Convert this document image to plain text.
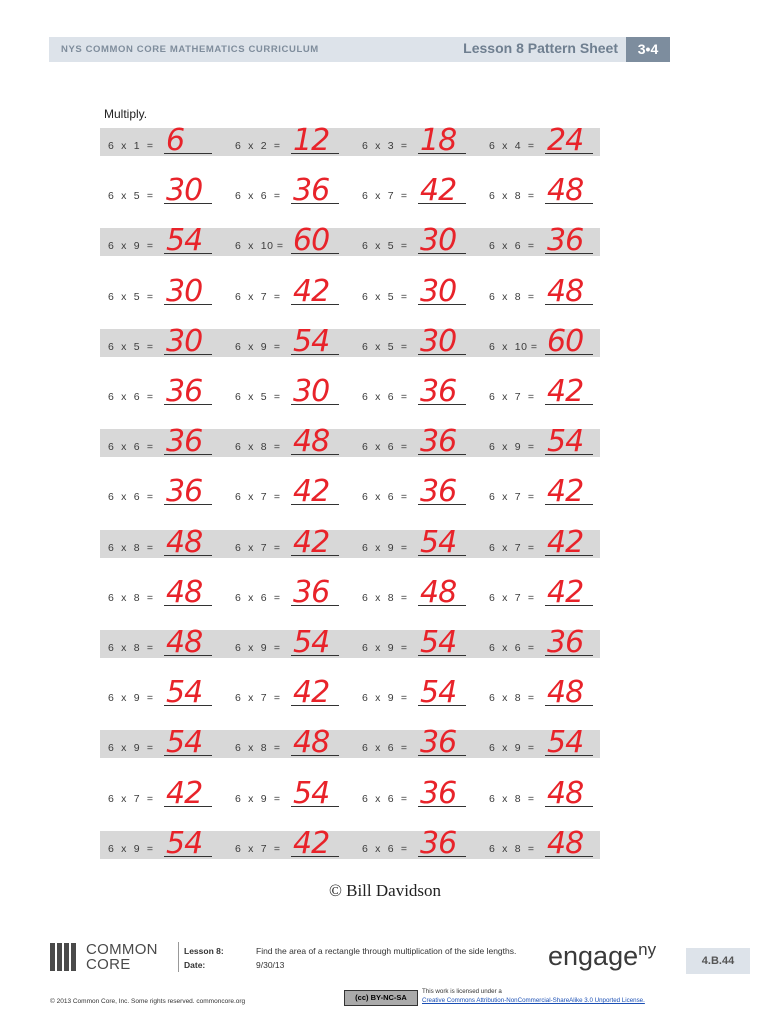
NYS COMMON CORE MATHEMATICS CURRICULUM	Lesson 8 Pattern Sheet	3•4
Multiply.
6  x  1  = 6	6  x  2  = 12	6  x  3  = 18	6  x  4  = 24
6  x  5  = 30	6  x  6  = 36	6  x  7  = 42	6  x  8  = 48
6  x  9  = 54	6  x  10 = 60	6  x  5  = 30	6  x  6  = 36
6  x  5  = 30	6  x  7  = 42	6  x  5  = 30	6  x  8  = 48
6  x  5  = 30	6  x  9  = 54	6  x  5  = 30	6  x  10 = 60
6  x  6  = 36	6  x  5  = 30	6  x  6  = 36	6  x  7  = 42
6  x  6  = 36	6  x  8  = 48	6  x  6  = 36	6  x  9  = 54
6  x  6  = 36	6  x  7  = 42	6  x  6  = 36	6  x  7  = 42
6  x  8  = 48	6  x  7  = 42	6  x  9  = 54	6  x  7  = 42
6  x  8  = 48	6  x  6  = 36	6  x  8  = 48	6  x  7  = 42
6  x  8  = 48	6  x  9  = 54	6  x  9  = 54	6  x  6  = 36
6  x  9  = 54	6  x  7  = 42	6  x  9  = 54	6  x  8  = 48
6  x  9  = 54	6  x  8  = 48	6  x  6  = 36	6  x  9  = 54
6  x  7  = 42	6  x  9  = 54	6  x  6  = 36	6  x  8  = 48
6  x  9  = 54	6  x  7  = 42	6  x  6  = 36	6  x  8  = 48
© Bill Davidson
COMMON
CORE
Lesson 8:
Date:
Find the area of a rectangle through multiplication of the side lengths.
9/30/13	engage$^{ny}$
4.B.44
© 2013 Common Core, Inc. Some rights reserved. commoncore.org	(cc) BY-NC-SA
This work is licensed under a
Creative Commons Attribution-NonCommercial-ShareAlike 3.0 Unported License.
